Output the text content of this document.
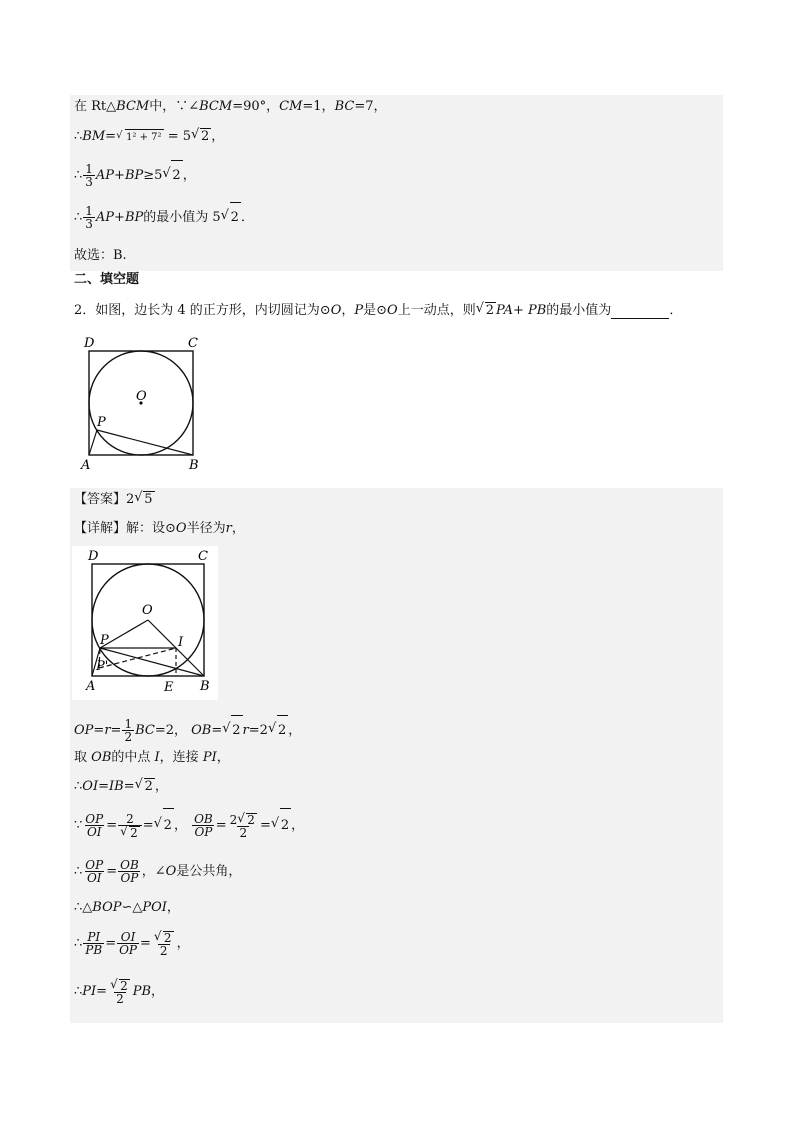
在 Rt△BCM中，∵∠BCM=90°，CM=1，BC=7，
∴BM=√ 1² + 7² = 5√ 2 ，
∴ $\frac{1}{3} AP+BP\ge 5√$ 2 ，
∴ $\frac{1}{3} AP+BP$的最小值为 5√ 2 ．
故选：B.
二、填空题
2．如图，边长为 4 的正方形，内切圆记为⊙O，P是⊙O上一动点，则√ 2 PA+ PB的最小值为	．
D	C
O
P
A	B
【答案】2√ 5
【详解】解：设⊙O半径为r，
D	C
O
P	I
P'
A	E B
$OP=r= \frac{1}{2} BC=2$， OB=√ 2 r=2√ 2 ，
取 OB的中点 I，连接 PI，
∴OI=IB=√ 2 ，
∵ $\frac{OP}{OI} = 2$
√ 2 =√ 2 ， $\frac{OB}{OP} = \frac{2√ 2}{2}$ =√ 2 ，
∴ $\frac{OP}{OI} = \frac{OB}{OP}$ ，∠O是公共角，
∴△BOP∽△POI，
∴ $\frac{PI}{PB} = \frac{OI}{OP}$ =
√ $\frac{2}{2}$ ，
∴PI=
√ $\frac{2}{2}$ PB，
